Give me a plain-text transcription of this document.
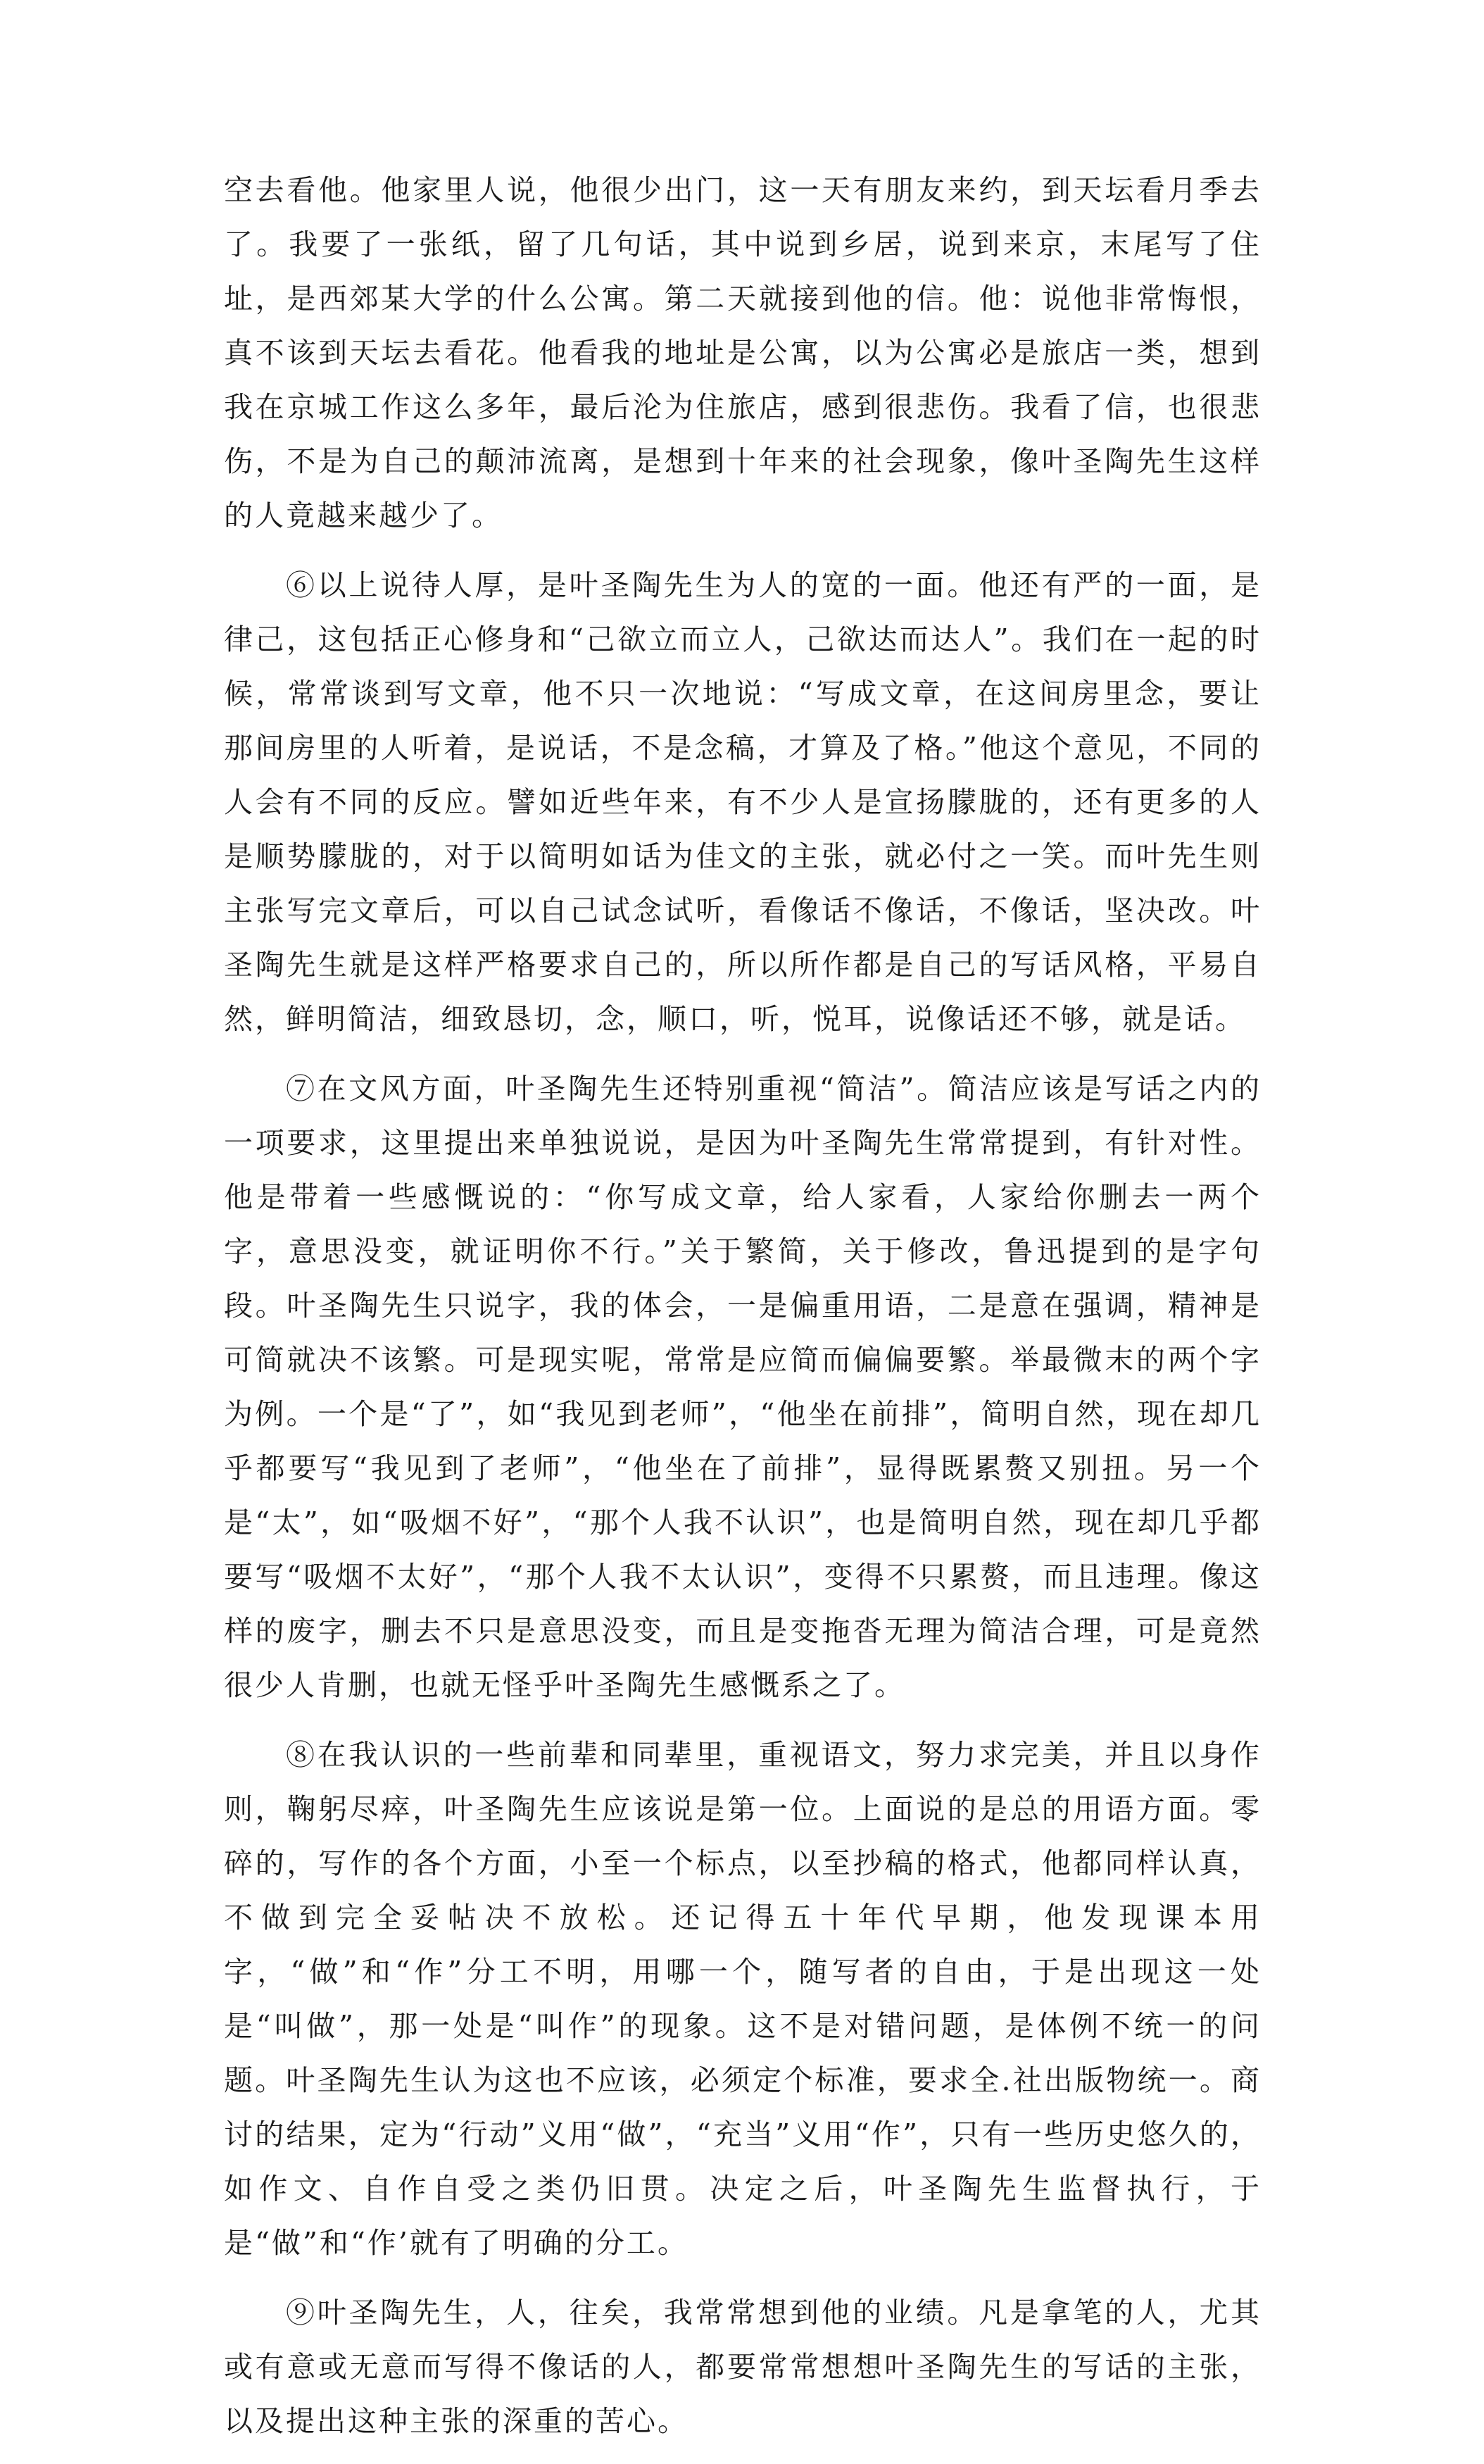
空去看他。他家里人说，他很少出门，这一天有朋友来约，到天坛看月季去了。我要了一张纸，留了几句话，其中说到乡居，说到来京，末尾写了住址，是西郊某大学的什么公寓。第二天就接到他的信。他：说他非常悔恨，真不该到天坛去看花。他看我的地址是公寓，以为公寓必是旅店一类，想到我在京城工作这么多年，最后沦为住旅店，感到很悲伤。我看了信，也很悲伤，不是为自己的颠沛流离，是想到十年来的社会现象，像叶圣陶先生这样的人竟越来越少了。

⑥以上说待人厚，是叶圣陶先生为人的宽的一面。他还有严的一面，是律己，这包括正心修身和“己欲立而立人，己欲达而达人”。我们在一起的时候，常常谈到写文章，他不只一次地说：“写成文章，在这间房里念，要让那间房里的人听着，是说话，不是念稿，才算及了格。”他这个意见，不同的人会有不同的反应。譬如近些年来，有不少人是宣扬朦胧的，还有更多的人是顺势朦胧的，对于以简明如话为佳文的主张，就必付之一笑。而叶先生则主张写完文章后，可以自己试念试听，看像话不像话，不像话，坚决改。叶圣陶先生就是这样严格要求自己的，所以所作都是自己的写话风格，平易自然，鲜明简洁，细致恳切，念，顺口，听，悦耳，说像话还不够，就是话。

⑦在文风方面，叶圣陶先生还特别重视“简洁”。简洁应该是写话之内的一项要求，这里提出来单独说说，是因为叶圣陶先生常常提到，有针对性。他是带着一些感慨说的：“你写成文章，给人家看，人家给你删去一两个字，意思没变，就证明你不行。”关于繁简，关于修改，鲁迅提到的是字句段。叶圣陶先生只说字，我的体会，一是偏重用语，二是意在强调，精神是可简就决不该繁。可是现实呢，常常是应简而偏偏要繁。举最微末的两个字为例。一个是“了”，如“我见到老师”，“他坐在前排”，简明自然，现在却几乎都要写“我见到了老师”，“他坐在了前排”，显得既累赘又别扭。另一个是“太”，如“吸烟不好”，“那个人我不认识”，也是简明自然，现在却几乎都要写“吸烟不太好”，“那个人我不太认识”，变得不只累赘，而且违理。像这样的废字，删去不只是意思没变，而且是变拖沓无理为简洁合理，可是竟然很少人肯删，也就无怪乎叶圣陶先生感慨系之了。

⑧在我认识的一些前辈和同辈里，重视语文，努力求完美，并且以身作则，鞠躬尽瘁，叶圣陶先生应该说是第一位。上面说的是总的用语方面。零碎的，写作的各个方面，小至一个标点，以至抄稿的格式，他都同样认真，不做到完全妥帖决不放松。还记得五十年代早期，他发现课本用字，“做”和“作”分工不明，用哪一个，随写者的自由，于是出现这一处是“叫做”，那一处是“叫作”的现象。这不是对错问题，是体例不统一的问题。叶圣陶先生认为这也不应该，必须定个标准，要求全.社出版物统一。商讨的结果，定为“行动”义用“做”，“充当”义用“作”，只有一些历史悠久的，如作文、自作自受之类仍旧贯。决定之后，叶圣陶先生监督执行，于是“做”和“作’就有了明确的分工。

⑨叶圣陶先生，人，往矣，我常常想到他的业绩。凡是拿笔的人，尤其或有意或无意而写得不像话的人，都要常常想想叶圣陶先生的写话的主张，以及提出这种主张的深重的苦心。
